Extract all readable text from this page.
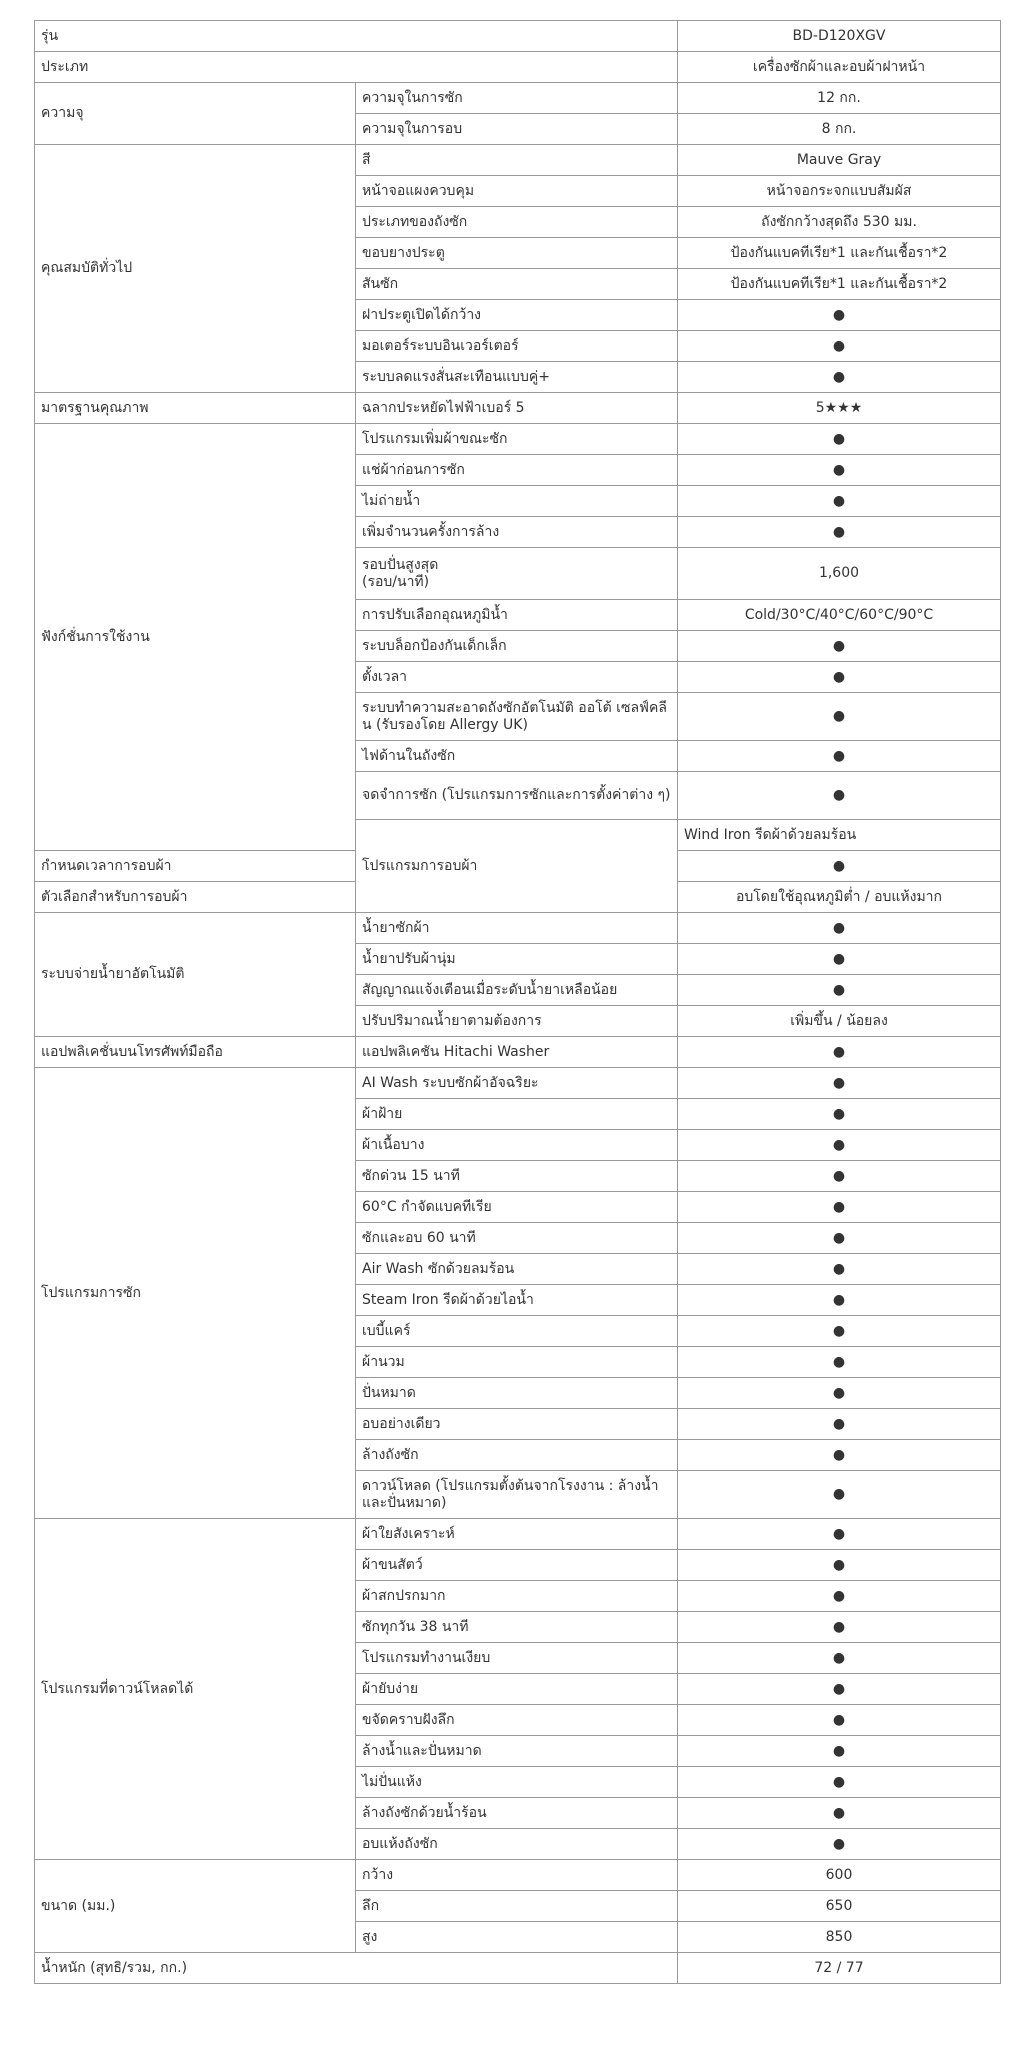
รุ่น		BD-D120XGV	
ประเภท		เครื่องซักผ้าและอบผ้าฝาหน้า	
ความจุ	ความจุในการซัก	12 กก.	
	ความจุในการอบ	8 กก.	
คุณสมบัติทั่วไป	สี	Mauve Gray	
	หน้าจอแผงควบคุม	หน้าจอกระจกแบบสัมผัส	
	ประเภทของถังซัก	ถังซักกว้างสุดถึง 530 มม.	
	ขอบยางประตู	ป้องกันแบคทีเรีย*1 และกันเชื้อรา*2	
	สันซัก	ป้องกันแบคทีเรีย*1 และกันเชื้อรา*2	
	ฝาประตูเปิดได้กว้าง	●	
	มอเตอร์ระบบอินเวอร์เตอร์	●	
	ระบบลดแรงสั่นสะเทือนแบบคู่+	●	
มาตรฐานคุณภาพ	ฉลากประหยัดไฟฟ้าเบอร์ 5	5★★★	
ฟังก์ชั่นการใช้งาน	โปรแกรมเพิ่มผ้าขณะซัก	●	
	แช่ผ้าก่อนการซัก	●	
	ไม่ถ่ายน้ำ	●	
	เพิ่มจำนวนครั้งการล้าง	●	
	รอบปั่นสูงสุด
(รอบ/นาที)	1,600	
	การปรับเลือกอุณหภูมิน้ำ	Cold/30°C/40°C/60°C/90°C	
	ระบบล็อกป้องกันเด็กเล็ก	●	
	ตั้งเวลา	●	
	ระบบทำความสะอาดถังซักอัตโนมัติ ออโต้ เซลฟ์คลีน (รับรองโดย Allergy UK)	●	
	ไฟด้านในถังซัก	●	
	จดจำการซัก (โปรแกรมการซักและการตั้งค่าต่าง ๆ)	●	
	โปรแกรมการอบผ้า	Wind Iron รีดผ้าด้วยลมร้อน	
กำหนดเวลาการอบผ้า		●	
ตัวเลือกสำหรับการอบผ้า		อบโดยใช้อุณหภูมิต่ำ / อบแห้งมาก	
ระบบจ่ายน้ำยาอัตโนมัติ	น้ำยาซักผ้า	●	
	น้ำยาปรับผ้านุ่ม	●	
	สัญญาณแจ้งเตือนเมื่อระดับน้ำยาเหลือน้อย	●	
	ปรับปริมาณน้ำยาตามต้องการ	เพิ่มขึ้น / น้อยลง	
แอปพลิเคชั่นบนโทรศัพท์มือถือ	แอปพลิเคชัน Hitachi Washer	●	
โปรแกรมการซัก	AI Wash ระบบซักผ้าอัจฉริยะ	●	
	ผ้าฝ้าย	●	
	ผ้าเนื้อบาง	●	
	ซักด่วน 15 นาที	●	
	60°C กำจัดแบคทีเรีย	●	
	ซักและอบ 60 นาที	●	
	Air Wash ซักด้วยลมร้อน	●	
	Steam Iron รีดผ้าด้วยไอน้ำ	●	
	เบบี้แคร์	●	
	ผ้านวม	●	
	ปั่นหมาด	●	
	อบอย่างเดียว	●	
	ล้างถังซัก	●	
	ดาวน์โหลด (โปรแกรมตั้งต้นจากโรงงาน : ล้างน้ำและปั่นหมาด)	●	
โปรแกรมที่ดาวน์โหลดได้	ผ้าใยสังเคราะห์	●	
	ผ้าขนสัตว์	●	
	ผ้าสกปรกมาก	●	
	ซักทุกวัน 38 นาที	●	
	โปรแกรมทำงานเงียบ	●	
	ผ้ายับง่าย	●	
	ขจัดคราบฝังลึก	●	
	ล้างน้ำและปั่นหมาด	●	
	ไม่ปั่นแห้ง	●	
	ล้างถังซักด้วยน้ำร้อน	●	
	อบแห้งถังซัก	●	
ขนาด (มม.)	กว้าง	600	
	ลึก	650	
	สูง	850	
น้ำหนัก (สุทธิ/รวม, กก.)		72 / 77	
